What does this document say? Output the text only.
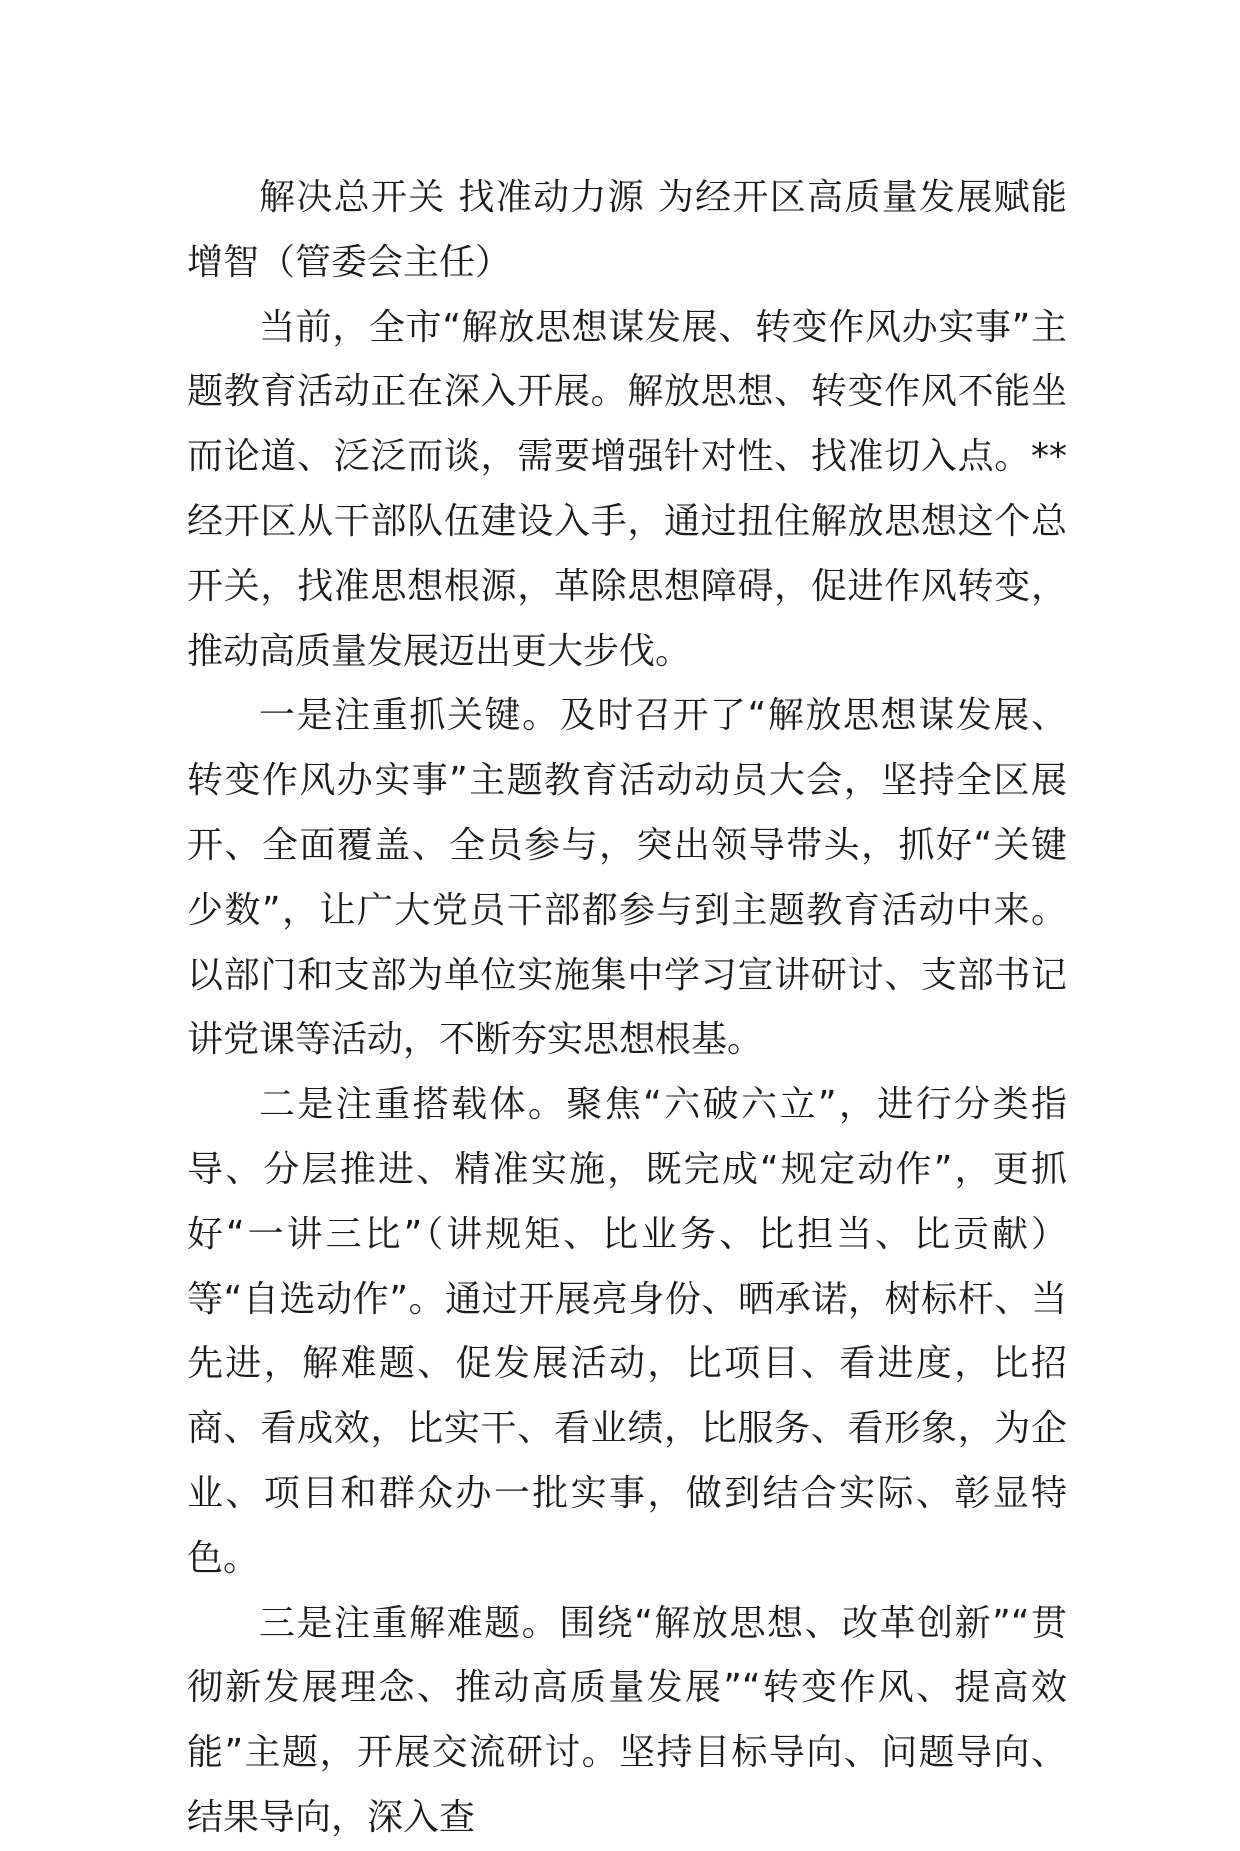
解决总开关 找准动力源 为经开区高质量发展赋能增智（管委会主任）

当前，全市“解放思想谋发展、转变作风办实事”主题教育活动正在深入开展。解放思想、转变作风不能坐而论道、泛泛而谈，需要增强针对性、找准切入点。**经开区从干部队伍建设入手，通过扭住解放思想这个总开关，找准思想根源，革除思想障碍，促进作风转变，推动高质量发展迈出更大步伐。

一是注重抓关键。及时召开了“解放思想谋发展、转变作风办实事”主题教育活动动员大会，坚持全区展开、全面覆盖、全员参与，突出领导带头，抓好“关键少数”，让广大党员干部都参与到主题教育活动中来。以部门和支部为单位实施集中学习宣讲研讨、支部书记讲党课等活动，不断夯实思想根基。

二是注重搭载体。聚焦“六破六立”，进行分类指导、分层推进、精准实施，既完成“规定动作”，更抓好“一讲三比”（讲规矩、比业务、比担当、比贡献）等“自选动作”。通过开展亮身份、晒承诺，树标杆、当先进，解难题、促发展活动，比项目、看进度，比招商、看成效，比实干、看业绩，比服务、看形象，为企业、项目和群众办一批实事，做到结合实际、彰显特色。

三是注重解难题。围绕“解放思想、改革创新”“贯彻新发展理念、推动高质量发展”“转变作风、提高效能”主题，开展交流研讨。坚持目标导向、问题导向、结果导向，深入查
